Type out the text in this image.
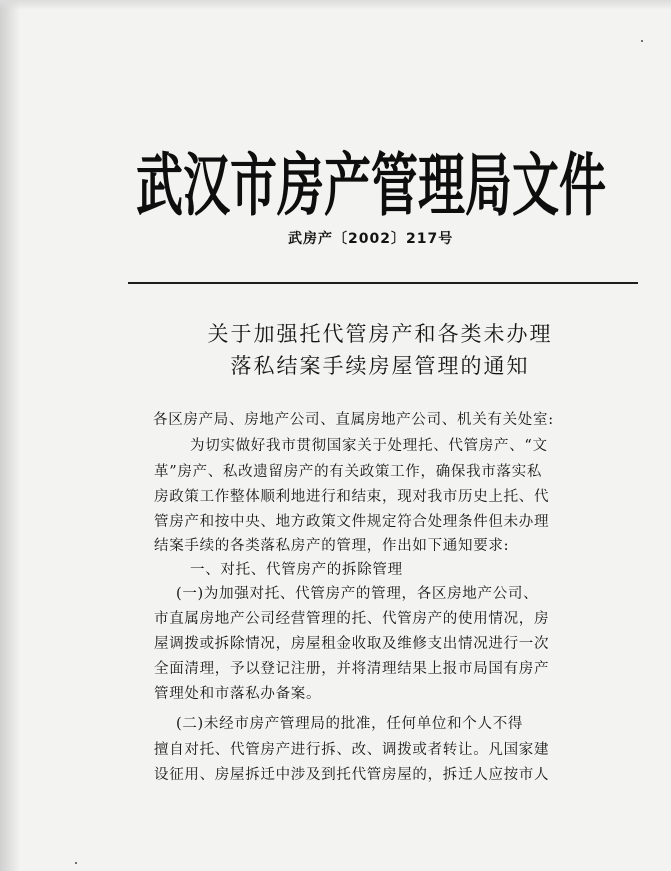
武汉市房产管理局文件
武房产〔2002〕217号
关于加强托代管房产和各类未办理
落私结案手续房屋管理的通知
各区房产局、房地产公司、直属房地产公司、机关有关处室:
为切实做好我市贯彻国家关于处理托、代管房产、“文
革”房产、私改遗留房产的有关政策工作，确保我市落实私
房政策工作整体顺利地进行和结束，现对我市历史上托、代
管房产和按中央、地方政策文件规定符合处理条件但未办理
结案手续的各类落私房产的管理，作出如下通知要求:
一、对托、代管房产的拆除管理
(一)为加强对托、代管房产的管理，各区房地产公司、
市直属房地产公司经营管理的托、代管房产的使用情况，房
屋调拨或拆除情况，房屋租金收取及维修支出情况进行一次
全面清理，予以登记注册，并将清理结果上报市局国有房产
管理处和市落私办备案。
(二)未经市房产管理局的批准，任何单位和个人不得
擅自对托、代管房产进行拆、改、调拨或者转让。凡国家建
设征用、房屋拆迁中涉及到托代管房屋的，拆迁人应按市人
